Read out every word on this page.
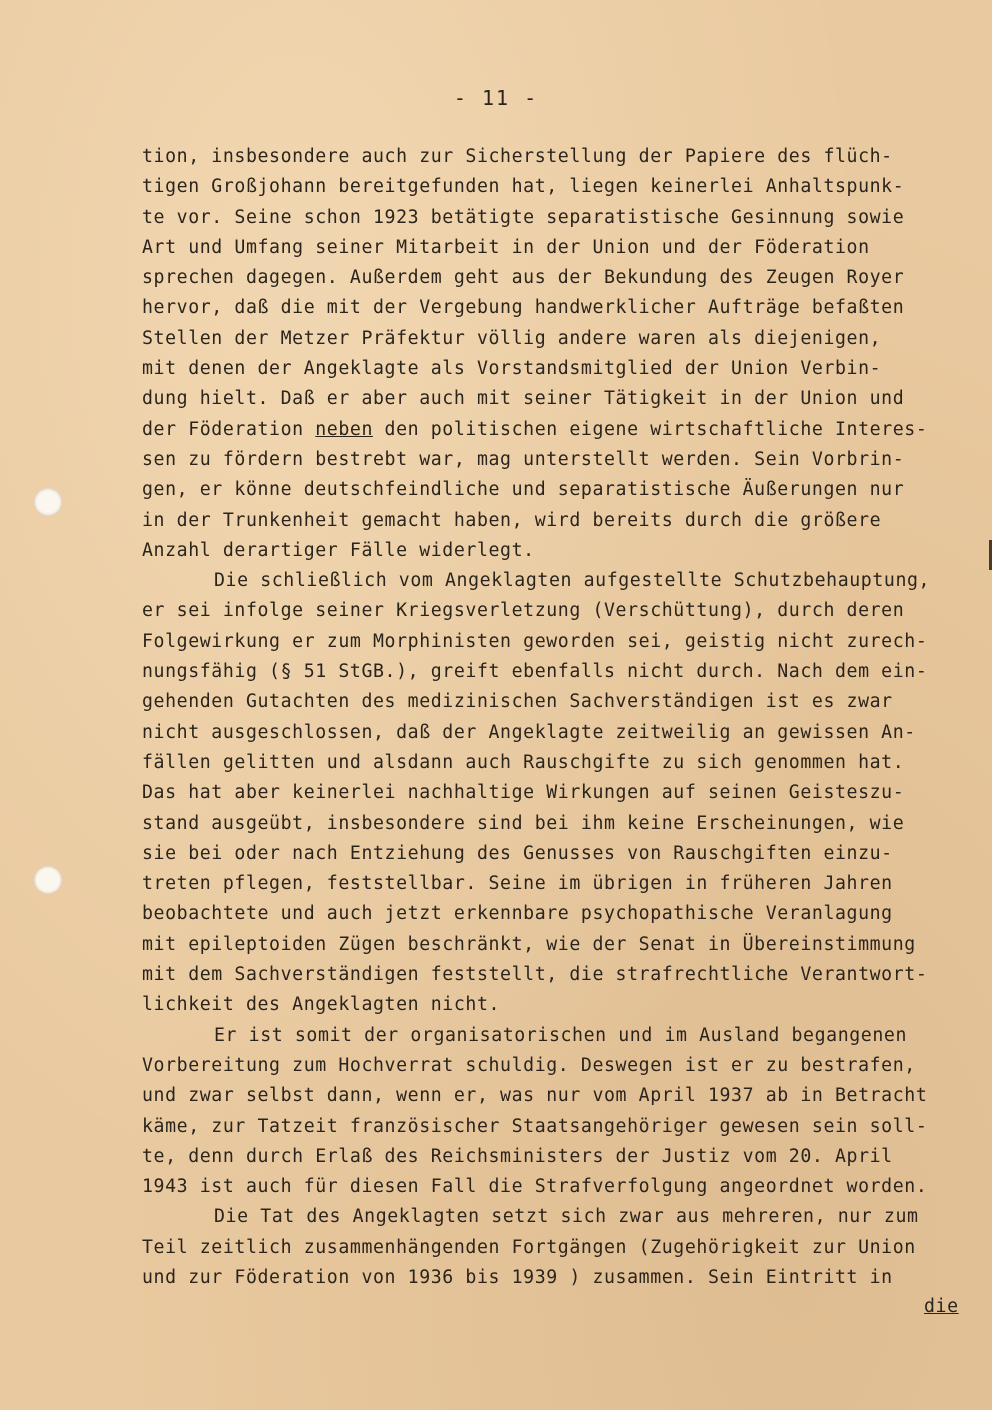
- 11 -
tion, insbesondere auch zur Sicherstellung der Papiere des flüch-
tigen Großjohann bereitgefunden hat, liegen keinerlei Anhaltspunk-
te vor. Seine schon 1923 betätigte separatistische Gesinnung sowie
Art und Umfang seiner Mitarbeit in der Union und der Föderation
sprechen dagegen. Außerdem geht aus der Bekundung des Zeugen Royer
hervor, daß die mit der Vergebung handwerklicher Aufträge befaßten
Stellen der Metzer Präfektur völlig andere waren als diejenigen,
mit denen der Angeklagte als Vorstandsmitglied der Union Verbin-
dung hielt. Daß er aber auch mit seiner Tätigkeit in der Union und
der Föderation neben den politischen eigene wirtschaftliche Interes-
sen zu fördern bestrebt war, mag unterstellt werden. Sein Vorbrin-
gen, er könne deutschfeindliche und separatistische Äußerungen nur
in der Trunkenheit gemacht haben, wird bereits durch die größere
Anzahl derartiger Fälle widerlegt.
Die schließlich vom Angeklagten aufgestellte Schutzbehauptung,
er sei infolge seiner Kriegsverletzung (Verschüttung), durch deren
Folgewirkung er zum Morphinisten geworden sei, geistig nicht zurech-
nungsfähig (§ 51 StGB.), greift ebenfalls nicht durch. Nach dem ein-
gehenden Gutachten des medizinischen Sachverständigen ist es zwar
nicht ausgeschlossen, daß der Angeklagte zeitweilig an gewissen An-
fällen gelitten und alsdann auch Rauschgifte zu sich genommen hat.
Das hat aber keinerlei nachhaltige Wirkungen auf seinen Geisteszu-
stand ausgeübt, insbesondere sind bei ihm keine Erscheinungen, wie
sie bei oder nach Entziehung des Genusses von Rauschgiften einzu-
treten pflegen, feststellbar. Seine im übrigen in früheren Jahren
beobachtete und auch jetzt erkennbare psychopathische Veranlagung
mit epileptoiden Zügen beschränkt, wie der Senat in Übereinstimmung
mit dem Sachverständigen feststellt, die strafrechtliche Verantwort-
lichkeit des Angeklagten nicht.
Er ist somit der organisatorischen und im Ausland begangenen
Vorbereitung zum Hochverrat schuldig. Deswegen ist er zu bestrafen,
und zwar selbst dann, wenn er, was nur vom April 1937 ab in Betracht
käme, zur Tatzeit französischer Staatsangehöriger gewesen sein soll-
te, denn durch Erlaß des Reichsministers der Justiz vom 20. April
1943 ist auch für diesen Fall die Strafverfolgung angeordnet worden.
Die Tat des Angeklagten setzt sich zwar aus mehreren, nur zum
Teil zeitlich zusammenhängenden Fortgängen (Zugehörigkeit zur Union
und zur Föderation von 1936 bis 1939 ) zusammen. Sein Eintritt in
die
